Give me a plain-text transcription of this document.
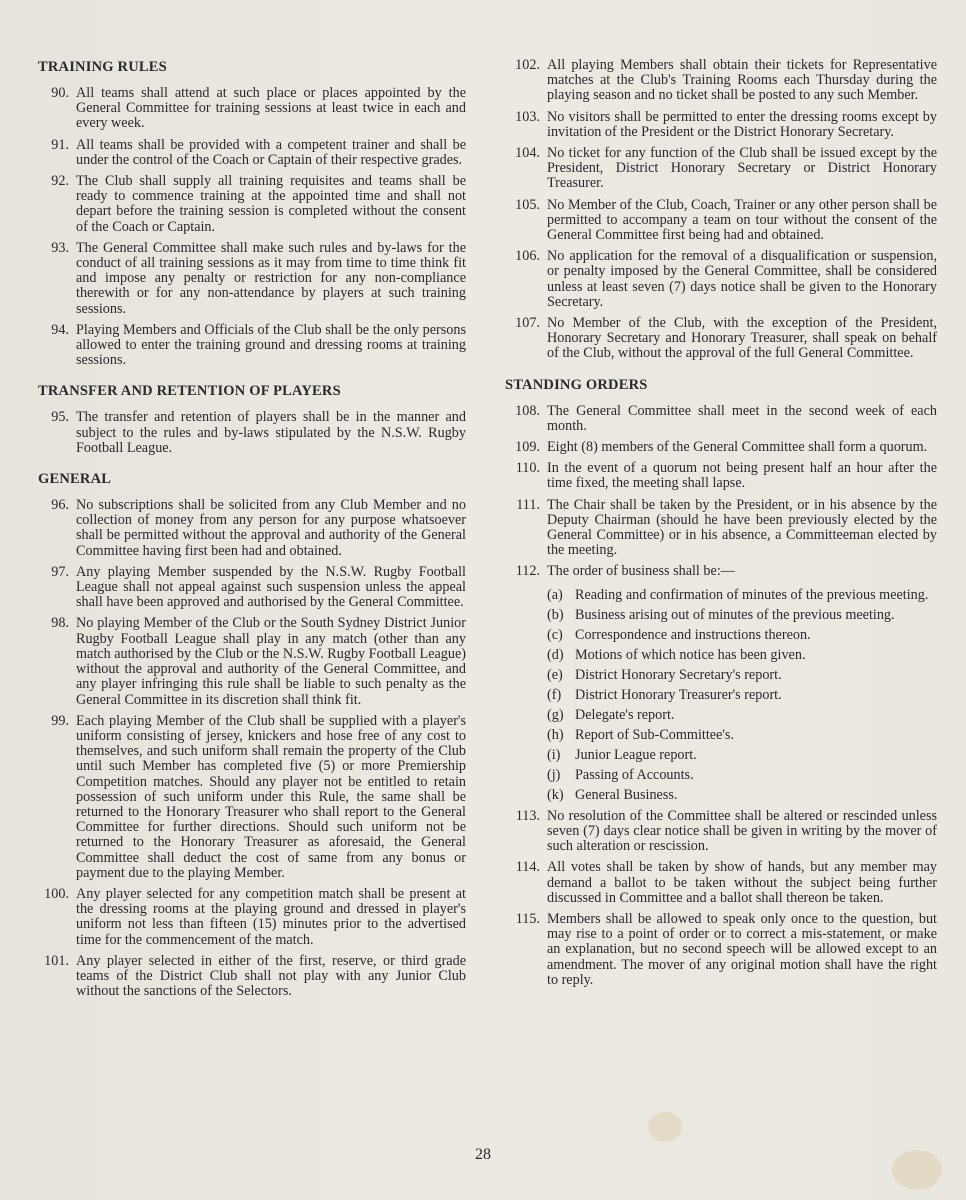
TRAINING RULES
90. All teams shall attend at such place or places appointed by the General Committee for training sessions at least twice in each and every week.
91. All teams shall be provided with a competent trainer and shall be under the control of the Coach or Captain of their respective grades.
92. The Club shall supply all training requisites and teams shall be ready to commence training at the appointed time and shall not depart before the training session is completed without the consent of the Coach or Captain.
93. The General Committee shall make such rules and by-laws for the conduct of all training sessions as it may from time to time think fit and impose any penalty or restriction for any non-compliance therewith or for any non-attendance by players at such training sessions.
94. Playing Members and Officials of the Club shall be the only persons allowed to enter the training ground and dressing rooms at training sessions.
TRANSFER AND RETENTION OF PLAYERS
95. The transfer and retention of players shall be in the manner and subject to the rules and by-laws stipulated by the N.S.W. Rugby Football League.
GENERAL
96. No subscriptions shall be solicited from any Club Member and no collection of money from any person for any purpose whatsoever shall be permitted without the approval and authority of the General Committee having first been had and obtained.
97. Any playing Member suspended by the N.S.W. Rugby Football League shall not appeal against such suspension unless the appeal shall have been approved and authorised by the General Committee.
98. No playing Member of the Club or the South Sydney District Junior Rugby Football League shall play in any match (other than any match authorised by the Club or the N.S.W. Rugby Football League) without the approval and authority of the General Committee, and any player infringing this rule shall be liable to such penalty as the General Committee in its discretion shall think fit.
99. Each playing Member of the Club shall be supplied with a player's uniform consisting of jersey, knickers and hose free of any cost to themselves, and such uniform shall remain the property of the Club until such Member has completed five (5) or more Premiership Competition matches. Should any player not be entitled to retain possession of such uniform under this Rule, the same shall be returned to the Honorary Treasurer who shall report to the General Committee for further directions. Should such uniform not be returned to the Honorary Treasurer as aforesaid, the General Committee shall deduct the cost of same from any bonus or payment due to the playing Member.
100. Any player selected for any competition match shall be present at the dressing rooms at the playing ground and dressed in player's uniform not less than fifteen (15) minutes prior to the advertised time for the commencement of the match.
101. Any player selected in either of the first, reserve, or third grade teams of the District Club shall not play with any Junior Club without the sanctions of the Selectors.
102. All playing Members shall obtain their tickets for Representative matches at the Club's Training Rooms each Thursday during the playing season and no ticket shall be posted to any such Member.
103. No visitors shall be permitted to enter the dressing rooms except by invitation of the President or the District Honorary Secretary.
104. No ticket for any function of the Club shall be issued except by the President, District Honorary Secretary or District Honorary Treasurer.
105. No Member of the Club, Coach, Trainer or any other person shall be permitted to accompany a team on tour without the consent of the General Committee first being had and obtained.
106. No application for the removal of a disqualification or suspension, or penalty imposed by the General Committee, shall be considered unless at least seven (7) days notice shall be given to the Honorary Secretary.
107. No Member of the Club, with the exception of the President, Honorary Secretary and Honorary Treasurer, shall speak on behalf of the Club, without the approval of the full General Committee.
STANDING ORDERS
108. The General Committee shall meet in the second week of each month.
109. Eight (8) members of the General Committee shall form a quorum.
110. In the event of a quorum not being present half an hour after the time fixed, the meeting shall lapse.
111. The Chair shall be taken by the President, or in his absence by the Deputy Chairman (should he have been previously elected by the General Committee) or in his absence, a Committeeman elected by the meeting.
112. The order of business shall be:—
(a) Reading and confirmation of minutes of the previous meeting.
(b) Business arising out of minutes of the previous meeting.
(c) Correspondence and instructions thereon.
(d) Motions of which notice has been given.
(e) District Honorary Secretary's report.
(f) District Honorary Treasurer's report.
(g) Delegate's report.
(h) Report of Sub-Committee's.
(i)	Junior League report.
(j)	Passing of Accounts.
(k) General Business.
113. No resolution of the Committee shall be altered or rescinded unless seven (7) days clear notice shall be given in writing by the mover of such alteration or rescission.
114. All votes shall be taken by show of hands, but any member may demand a ballot to be taken without the subject being further discussed in Committee and a ballot shall thereon be taken.
115. Members shall be allowed to speak only once to the question, but may rise to a point of order or to correct a mis-statement, or make an explanation, but no second speech will be allowed except to an amendment. The mover of any original motion shall have the right to reply.
28
